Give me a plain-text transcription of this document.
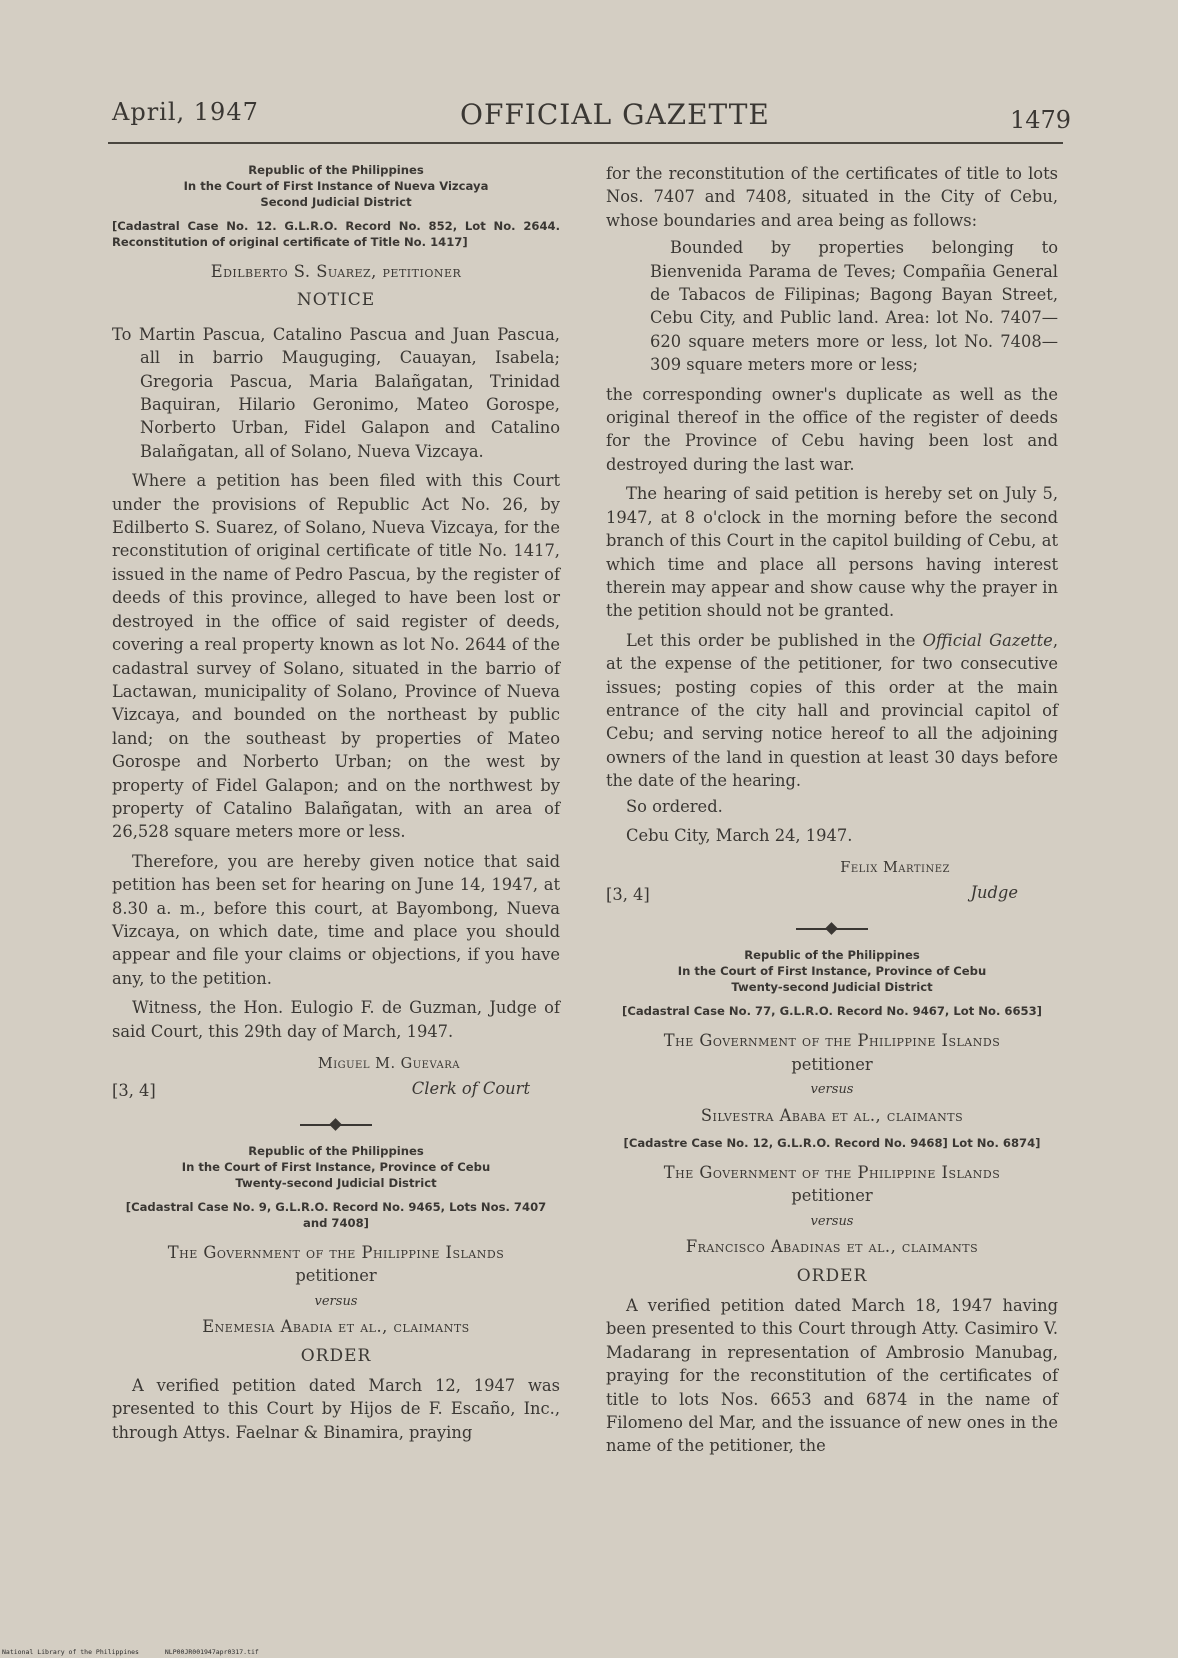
April, 1947	OFFICIAL GAZETTE	1479
Republic of the Philippines
In the Court of First Instance of Nueva Vizcaya
Second Judicial District
[Cadastral Case No. 12. G.L.R.O. Record No. 852, Lot No. 2644. Reconstitution of original certificate of Title No. 1417]
Edilberto S. Suarez, petitioner
NOTICE
To Martin Pascua, Catalino Pascua and Juan Pascua, all in barrio Mauguging, Cauayan, Isabela; Gregoria Pascua, Maria Balañgatan, Trinidad Baquiran, Hilario Geronimo, Mateo Gorospe, Norberto Urban, Fidel Galapon and Catalino Balañgatan, all of Solano, Nueva Vizcaya.

Where a petition has been filed with this Court under the provisions of Republic Act No. 26, by Edilberto S. Suarez, of Solano, Nueva Vizcaya, for the reconstitution of original certificate of title No. 1417, issued in the name of Pedro Pascua, by the register of deeds of this province, alleged to have been lost or destroyed in the office of said register of deeds, covering a real property known as lot No. 2644 of the cadastral survey of Solano, situated in the barrio of Lactawan, municipality of Solano, Province of Nueva Vizcaya, and bounded on the northeast by public land; on the southeast by properties of Mateo Gorospe and Norberto Urban; on the west by property of Fidel Galapon; and on the northwest by property of Catalino Balañgatan, with an area of 26,528 square meters more or less.

Therefore, you are hereby given notice that said petition has been set for hearing on June 14, 1947, at 8.30 a. m., before this court, at Bayombong, Nueva Vizcaya, on which date, time and place you should appear and file your claims or objections, if you have any, to the petition.

Witness, the Hon. Eulogio F. de Guzman, Judge of said Court, this 29th day of March, 1947.

Miguel M. Guevara
Clerk of Court
[3, 4]
Republic of the Philippines
In the Court of First Instance, Province of Cebu
Twenty-second Judicial District
[Cadastral Case No. 9, G.L.R.O. Record No. 9465, Lots Nos. 7407 and 7408]
The Government of the Philippine Islands
petitioner
versus
Enemesia Abadia et al., claimants
ORDER

A verified petition dated March 12, 1947 was presented to this Court by Hijos de F. Escaño, Inc., through Attys. Faelnar & Binamira, praying

for the reconstitution of the certificates of title to lots Nos. 7407 and 7408, situated in the City of Cebu, whose boundaries and area being as follows:

Bounded by properties belonging to Bienvenida Parama de Teves; Compañia General de Tabacos de Filipinas; Bagong Bayan Street, Cebu City, and Public land. Area: lot No. 7407—620 square meters more or less, lot No. 7408—309 square meters more or less;

the corresponding owner's duplicate as well as the original thereof in the office of the register of deeds for the Province of Cebu having been lost and destroyed during the last war.

The hearing of said petition is hereby set on July 5, 1947, at 8 o'clock in the morning before the second branch of this Court in the capitol building of Cebu, at which time and place all persons having interest therein may appear and show cause why the prayer in the petition should not be granted.

Let this order be published in the Official Gazette, at the expense of the petitioner, for two consecutive issues; posting copies of this order at the main entrance of the city hall and provincial capitol of Cebu; and serving notice hereof to all the adjoining owners of the land in question at least 30 days before the date of the hearing.

So ordered.

Cebu City, March 24, 1947.

Felix Martinez
Judge
[3, 4]
Republic of the Philippines
In the Court of First Instance, Province of Cebu
Twenty-second Judicial District
[Cadastral Case No. 77, G.L.R.O. Record No. 9467, Lot No. 6653]
The Government of the Philippine Islands
petitioner
versus
Silvestra Ababa et al., claimants
[Cadastre Case No. 12, G.L.R.O. Record No. 9468] Lot No. 6874]
The Government of the Philippine Islands
petitioner
versus
Francisco Abadinas et al., claimants
ORDER

A verified petition dated March 18, 1947 having been presented to this Court through Atty. Casimiro V. Madarang in representation of Ambrosio Manubag, praying for the reconstitution of the certificates of title to lots Nos. 6653 and 6874 in the name of Filomeno del Mar, and the issuance of new ones in the name of the petitioner, the

National Library of the Philippines	NLP00JR001947apr0317.tif
